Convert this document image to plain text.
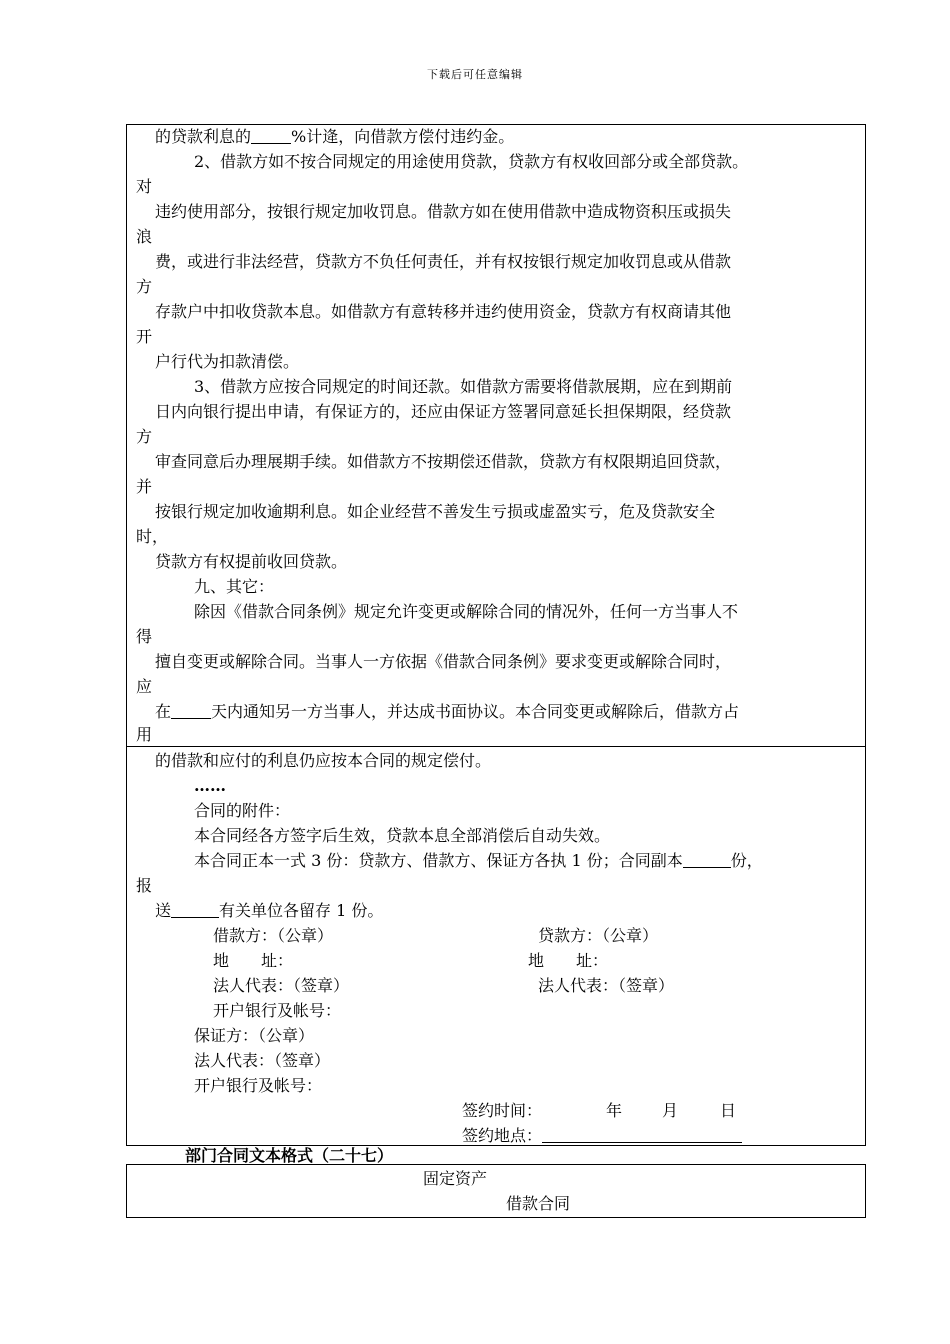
下载后可任意编辑
的贷款利息的	%计逄，向借款方偿付违约金。
2、借款方如不按合同规定的用途使用贷款，贷款方有权收回部分或全部贷款。
对
违约使用部分，按银行规定加收罚息。借款方如在使用借款中造成物资积压或损失
浪
费，或进行非法经营，贷款方不负任何责任，并有权按银行规定加收罚息或从借款
方
存款户中扣收贷款本息。如借款方有意转移并违约使用资金，贷款方有权商请其他
开
户行代为扣款清偿。
3、借款方应按合同规定的时间还款。如借款方需要将借款展期，应在到期前
日内向银行提出申请，有保证方的，还应由保证方签署同意延长担保期限，经贷款
方
审查同意后办理展期手续。如借款方不按期偿还借款，贷款方有权限期追回贷款，
并
按银行规定加收逾期利息。如企业经营不善发生亏损或虚盈实亏，危及贷款安全
时，
贷款方有权提前收回贷款。
九、其它：
除因《借款合同条例》规定允许变更或解除合同的情况外，任何一方当事人不
得
擅自变更或解除合同。当事人一方依据《借款合同条例》要求变更或解除合同时，
应
在	天内通知另一方当事人，并达成书面协议。本合同变更或解除后，借款方占
用
的借款和应付的利息仍应按本合同的规定偿付。
……
合同的附件：
本合同经各方签字后生效，贷款本息全部消偿后自动失效。
本合同正本一式 3 份：贷款方、借款方、保证方各执 1 份；合同副本	份，
报
送	有关单位各留存 1 份。
借款方：（公章）	贷款方：（公章）
地　　址：	地　　址：
法人代表：（签章）	法人代表：（签章）
开户银行及帐号：
保证方：（公章）
法人代表：（签章）
开户银行及帐号：
签约时间：	年 月	日
签约地点：
部门合同文本格式（二十七）
固定资产
借款合同
